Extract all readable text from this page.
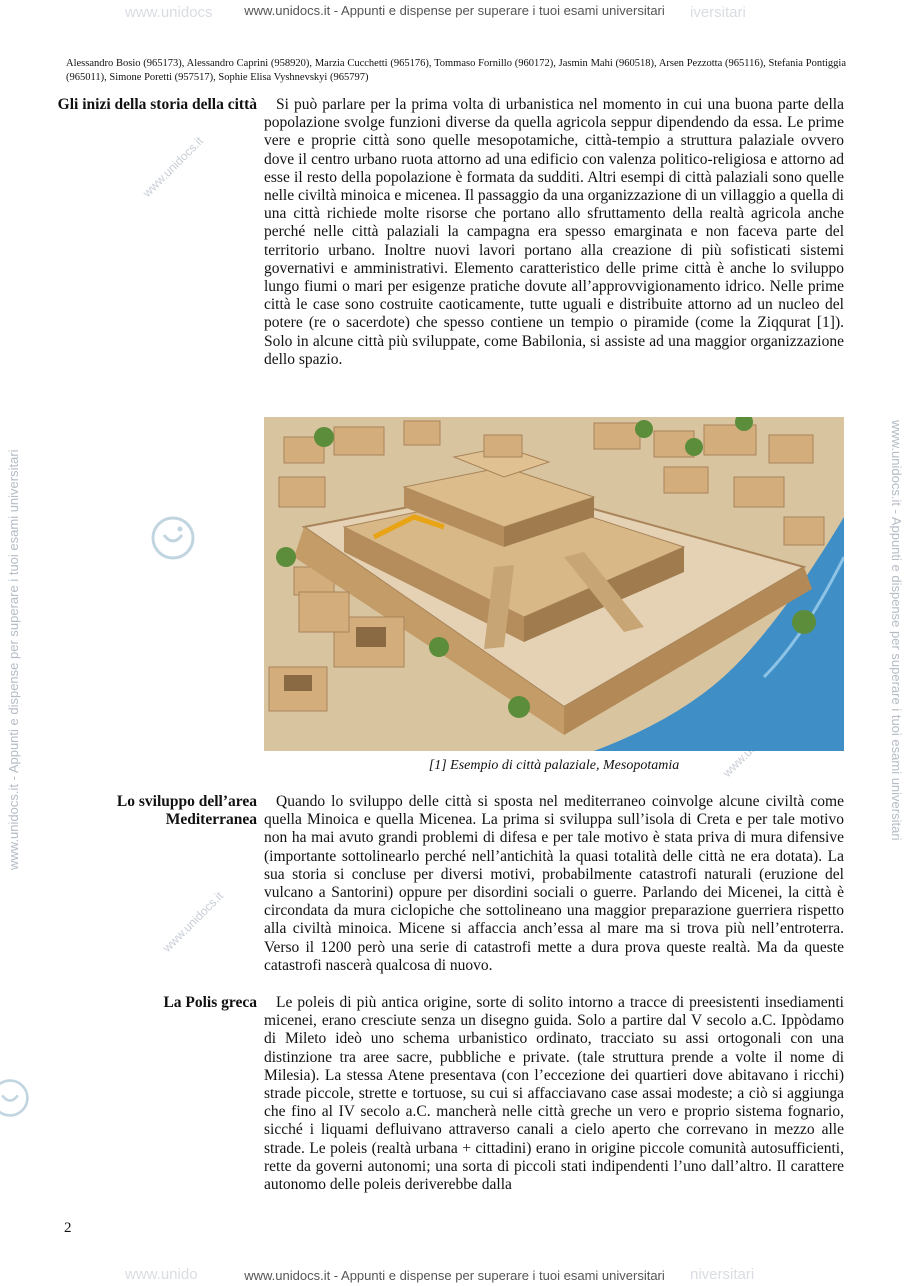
www.unidocs.it - Appunti e dispense per superare i tuoi esami universitari
www.unidocs.it - Appunti e dispense per superare i tuoi esami universitari
www.unidocs	iversitari
www.unido	niversitari
www.unidocs.it - Appunti e dispense per superare i tuoi esami universitari	www.unidocs.it - Appunti e dispense per superare i tuoi esami universitari
www.unidocs.it
www.unidocs.it
Alessandro Bosio (965173), Alessandro Caprini (958920), Marzia Cucchetti (965176), Tommaso Fornillo (960172), Jasmin Mahi (960518), Arsen Pezzotta (965116), Stefania Pontiggia (965011), Simone Poretti (957517), Sophie Elisa Vyshnevskyi (965797)
Gli inizi della storia della città	Si può parlare per la prima volta di urbanistica nel momento in cui una buona parte della popolazione svolge funzioni diverse da quella agricola seppur dipendendo da essa. Le prime vere e proprie città sono quelle mesopotamiche, città-tempio a struttura palaziale ovvero dove il centro urbano ruota attorno ad una edificio con valenza politico-religiosa e attorno ad esse il resto della popolazione è formata da sudditi. Altri esempi di città palaziali sono quelle nelle civiltà minoica e micenea. Il passaggio da una organizzazione di un villaggio a quella di una città richiede molte risorse che portano allo sfruttamento della realtà agricola anche perché nelle città palaziali la campagna era spesso emarginata e non faceva parte del territorio urbano. Inoltre nuovi lavori portano alla creazione di più sofisticati sistemi governativi e amministrativi. Elemento caratteristico delle prime città è anche lo sviluppo lungo fiumi o mari per esigenze pratiche dovute all’approvvigionamento idrico. Nelle prime città le case sono costruite caoticamente, tutte uguali e distribuite attorno ad un nucleo del potere (re o sacerdote) che spesso contiene un tempio o piramide (come la Ziqqurat [1]). Solo in alcune città più sviluppate, come Babilonia, si assiste ad una maggior organizzazione dello spazio.
[1] Esempio di città palaziale, Mesopotamia
Lo sviluppo dell’area Mediterranea
Quando lo sviluppo delle città si sposta nel mediterraneo coinvolge alcune civiltà come quella Minoica e quella Micenea. La prima si sviluppa sull’isola di Creta e per tale motivo non ha mai avuto grandi problemi di difesa e per tale motivo è stata priva di mura difensive (importante sottolinearlo perché nell’antichità la quasi totalità delle città ne era dotata). La sua storia si concluse per diversi motivi, probabilmente catastrofi naturali (eruzione del vulcano a Santorini) oppure per disordini sociali o guerre. Parlando dei Micenei, la città è circondata da mura ciclopiche che sottolineano una maggior preparazione guerriera rispetto alla civiltà minoica. Micene si affaccia anch’essa al mare ma si trova più nell’entroterra. Verso il 1200 però una serie di catastrofi mette a dura prova queste realtà. Ma da queste catastrofi nascerà qualcosa di nuovo.
La Polis greca	Le poleis di più antica origine, sorte di solito intorno a tracce di preesistenti insediamenti micenei, erano cresciute senza un disegno guida. Solo a partire dal V secolo a.C. Ippòdamo di Mileto ideò uno schema urbanistico ordinato, tracciato su assi ortogonali con una distinzione tra aree sacre, pubbliche e private. (tale struttura prende a volte il nome di Milesia). La stessa Atene presentava (con l’eccezione dei quartieri dove abitavano i ricchi) strade piccole, strette e tortuose, su cui si affacciavano case assai modeste; a ciò si aggiunga che fino al IV secolo a.C. mancherà nelle città greche un vero e proprio sistema fognario, sicché i liquami defluivano attraverso canali a cielo aperto che correvano in mezzo alle strade. Le poleis (realtà urbana + cittadini) erano in origine piccole comunità autosufficienti, rette da governi autonomi; una sorta di piccoli stati indipendenti l’uno dall’altro. Il carattere autonomo delle poleis deriverebbe dalla
2
